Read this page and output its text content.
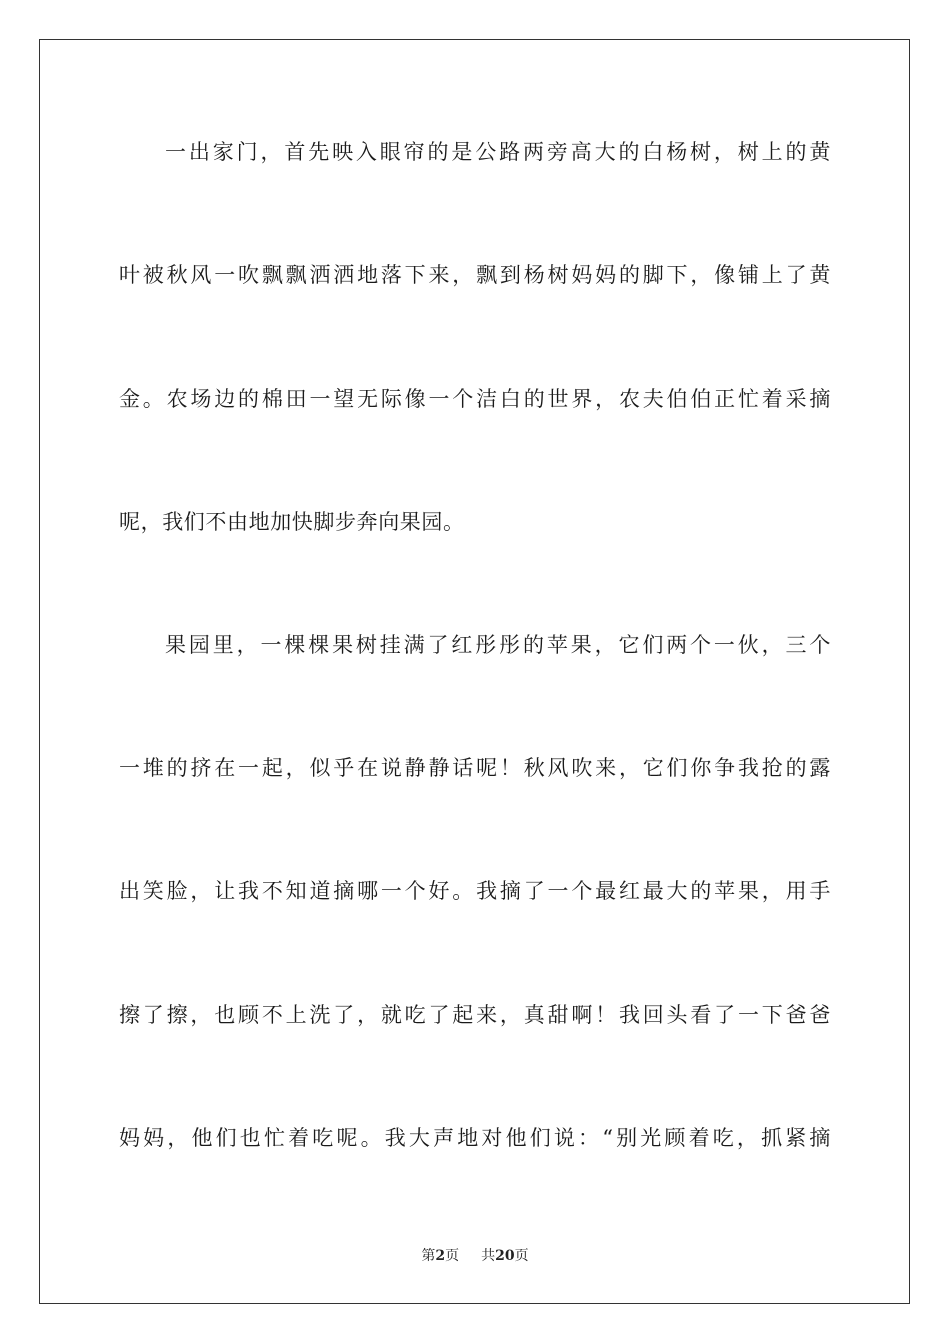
一出家门，首先映入眼帘的是公路两旁高大的白杨树，树上的黄
叶被秋风一吹飘飘洒洒地落下来，飘到杨树妈妈的脚下，像铺上了黄
金。农场边的棉田一望无际像一个洁白的世界，农夫伯伯正忙着采摘
呢，我们不由地加快脚步奔向果园。
果园里，一棵棵果树挂满了红彤彤的苹果，它们两个一伙，三个
一堆的挤在一起，似乎在说静静话呢！秋风吹来，它们你争我抢的露
出笑脸，让我不知道摘哪一个好。我摘了一个最红最大的苹果，用手
擦了擦，也顾不上洗了，就吃了起来，真甜啊！我回头看了一下爸爸
妈妈，他们也忙着吃呢。我大声地对他们说：“别光顾着吃，抓紧摘
第2页 共20页
